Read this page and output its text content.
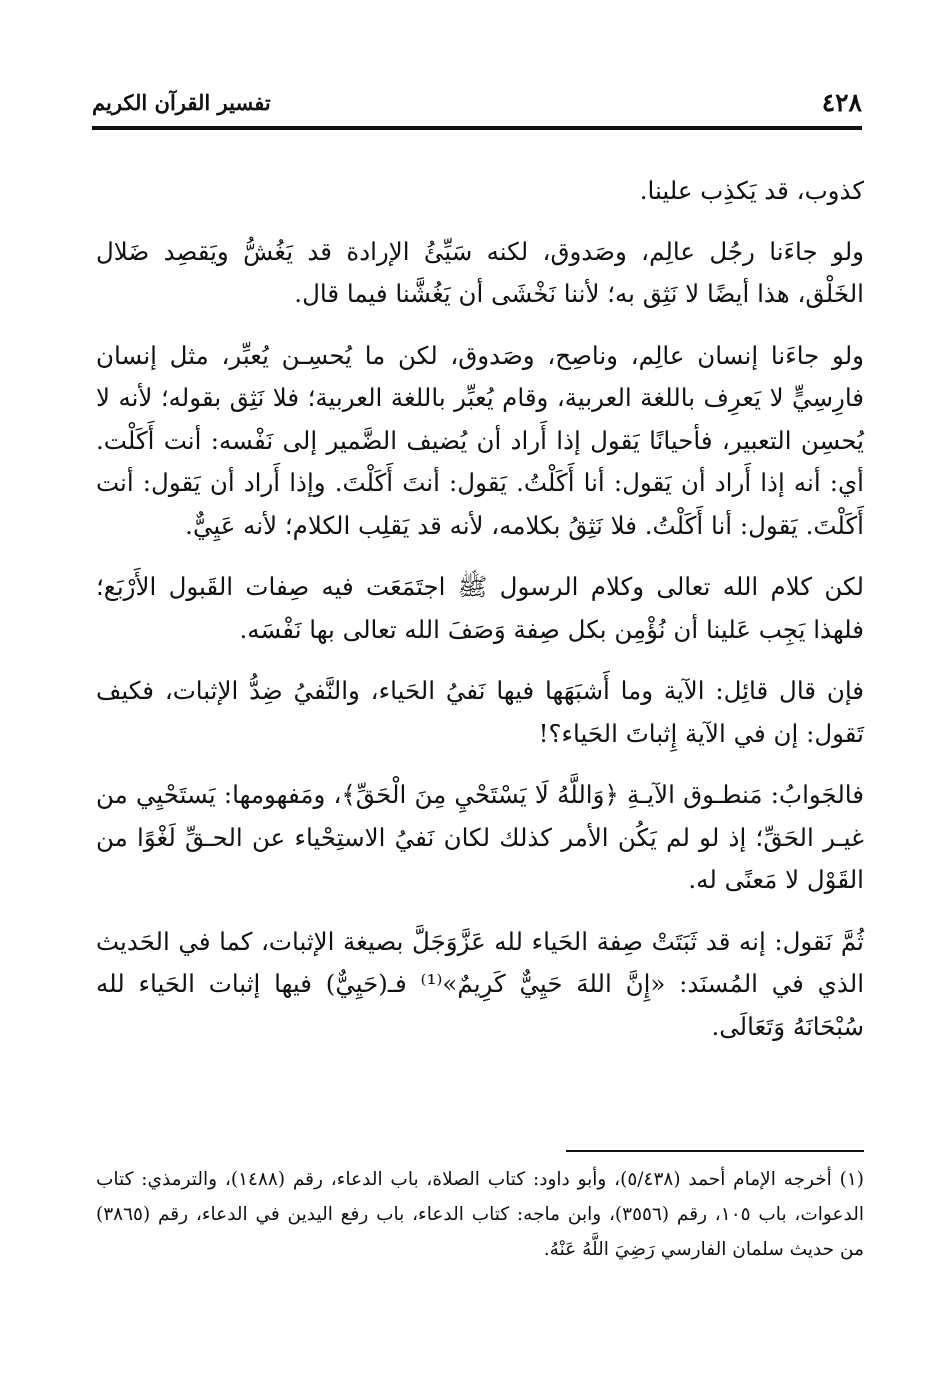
٤٢٨
تفسير القرآن الكريم

كذوب، قد يَكذِب علينا.

ولو جاءَنا رجُل عالِم، وصَدوق، لكنه سَيِّئُ الإرادة قد يَغُشُّ ويَقصِد ضَلال الخَلْق، هذا أيضًا لا نَثِق به؛ لأننا نَخْشَى أن يَغُشَّنا فيما قال.

ولو جاءَنا إنسان عالِم، وناصِح، وصَدوق، لكن ما يُحسِـن يُعبِّر، مثل إنسان فارِسِيٍّ لا يَعرِف باللغة العربية، وقام يُعبِّر باللغة العربية؛ فلا نَثِق بقوله؛ لأنه لا يُحسِن التعبير، فأحيانًا يَقول إذا أَراد أن يُضيف الضَّمير إلى نَفْسه: أنت أَكَلْت. أي: أنه إذا أَراد أن يَقول: أنا أَكَلْتُ. يَقول: أنتَ أَكَلْتَ. وإذا أَراد أن يَقول: أنت أَكَلْتَ. يَقول: أنا أَكَلْتُ. فلا نَثِقُ بكلامه، لأنه قد يَقلِب الكلام؛ لأنه عَيِيٌّ.

لكن كلام الله تعالى وكلام الرسول ﷺ اجتَمَعَت فيه صِفات القَبول الأَرْبَع؛ فلهذا يَجِب عَلينا أن نُؤْمِن بكل صِفة وَصَفَ الله تعالى بها نَفْسَه.

فإن قال قائِل: الآية وما أَشبَهَها فيها نَفيُ الحَياء، والنَّفيُ ضِدُّ الإثبات، فكيف تَقول: إن في الآية إِثباتَ الحَياء؟!

فالجَوابُ: مَنطـوق الآيـةِ ﴿وَاللَّهُ لَا يَسْتَحْيِ مِنَ الْحَقِّ﴾، ومَفهومها: يَستَحْيِي من غيـر الحَقِّ؛ إذ لو لم يَكُن الأمر كذلك لكان نَفيُ الاستِحْياء عن الحـقِّ لَغْوًا من القَوْل لا مَعنًى له.

ثُمَّ نَقول: إنه قد ثَبَتَتْ صِفة الحَياء لله عَزَّوَجَلَّ بصيغة الإثبات، كما في الحَديث الذي في المُسنَد: «إِنَّ اللهَ حَيِيٌّ كَرِيمٌ»⁽¹⁾ فـ(حَيِيٌّ) فيها إثبات الحَياء لله سُبْحَانَهُ وَتَعَالَى.

(١) أخرجه الإمام أحمد (٥/٤٣٨)، وأبو داود: كتاب الصلاة، باب الدعاء، رقم (١٤٨٨)، والترمذي: كتاب الدعوات، باب ١٠٥، رقم (٣٥٥٦)، وابن ماجه: كتاب الدعاء، باب رفع اليدين في الدعاء، رقم (٣٨٦٥) من حديث سلمان الفارسي رَضِيَ اللَّهُ عَنْهُ.
